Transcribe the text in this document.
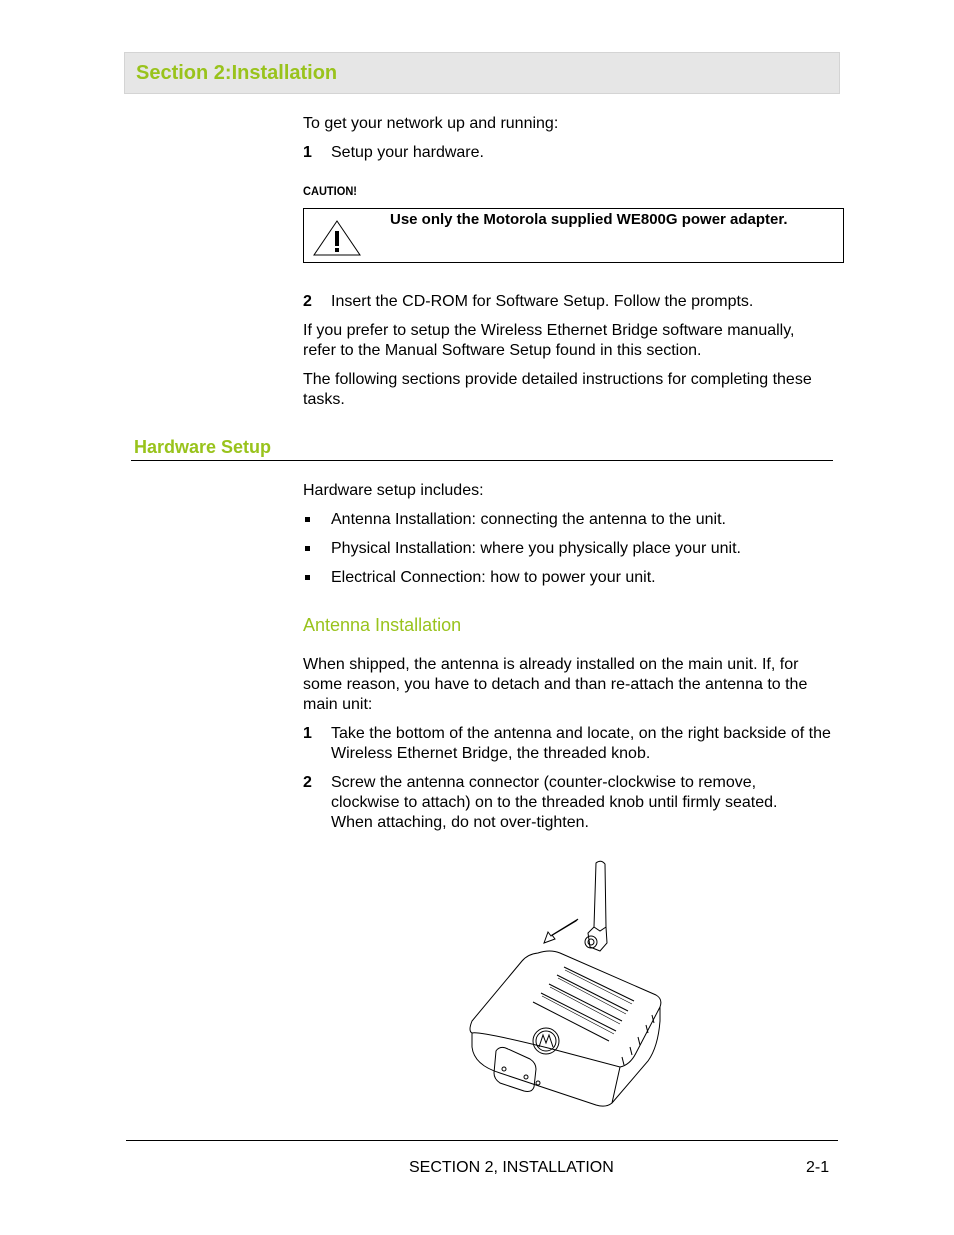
Section 2:Installation
To get your network up and running:
1 Setup your hardware.
CAUTION!
Use only the Motorola supplied WE800G power adapter.
2 Insert the CD-ROM for Software Setup. Follow the prompts.
If you prefer to setup the Wireless Ethernet Bridge software manually, refer to the Manual Software Setup found in this section.
The following sections provide detailed instructions for completing these tasks.
Hardware Setup
Hardware setup includes:
Antenna Installation: connecting the antenna to the unit.
Physical Installation: where you physically place your unit.
Electrical Connection: how to power your unit.
Antenna Installation
When shipped, the antenna is already installed on the main unit. If, for some reason, you have to detach and than re-attach the antenna to the main unit:
1 Take the bottom of the antenna and locate, on the right backside of the Wireless Ethernet Bridge, the threaded knob.
2 Screw the antenna connector (counter-clockwise to remove, clockwise to attach) on to the threaded knob until firmly seated. When attaching, do not over-tighten.
SECTION 2, INSTALLATION	2-1
